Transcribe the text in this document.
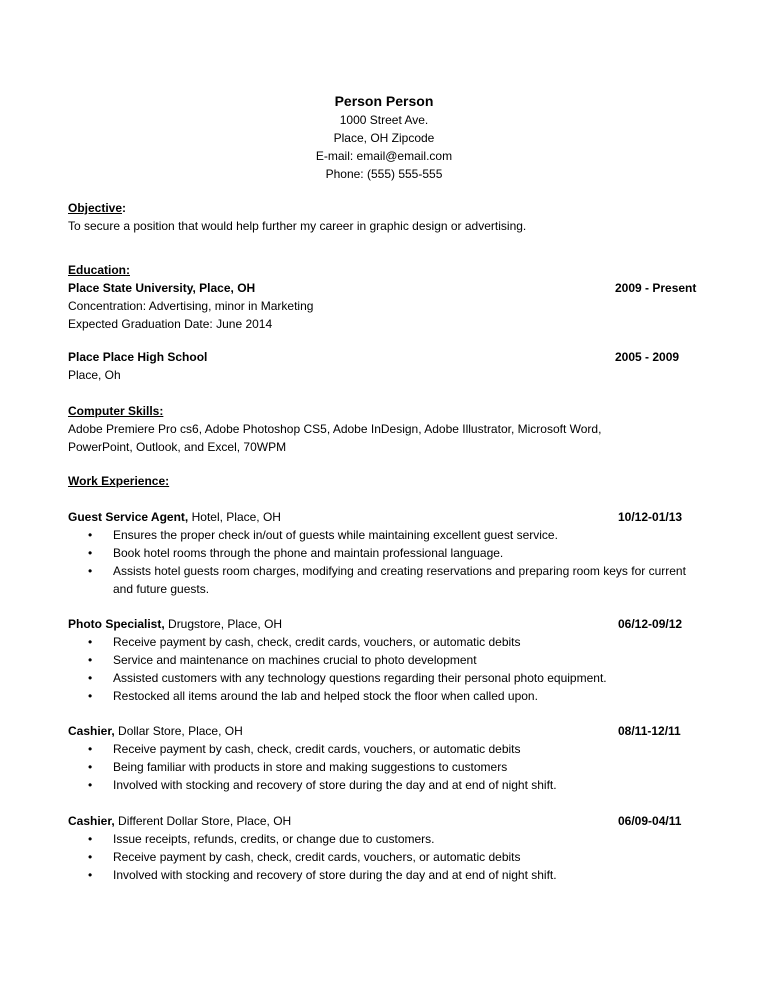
Person Person
1000 Street Ave.
Place, OH Zipcode
E-mail: email@email.com
Phone: (555) 555-555
Objective:
To secure a position that would help further my career in graphic design or advertising.
Education:
Place State University, Place, OH	2009 - Present
Concentration: Advertising, minor in Marketing
Expected Graduation Date: June 2014
Place Place High School	2005 - 2009
Place, Oh
Computer Skills:
Adobe Premiere Pro cs6, Adobe Photoshop CS5, Adobe InDesign, Adobe Illustrator, Microsoft Word,
PowerPoint, Outlook, and Excel, 70WPM
Work Experience:
Guest Service Agent, Hotel, Place, OH	10/12-01/13
• Ensures the proper check in/out of guests while maintaining excellent guest service.
• Book hotel rooms through the phone and maintain professional language.
• Assists hotel guests room charges, modifying and creating reservations and preparing room keys for current and future guests.
Photo Specialist, Drugstore, Place, OH	06/12-09/12
• Receive payment by cash, check, credit cards, vouchers, or automatic debits
• Service and maintenance on machines crucial to photo development
• Assisted customers with any technology questions regarding their personal photo equipment.
• Restocked all items around the lab and helped stock the floor when called upon.
Cashier, Dollar Store, Place, OH	08/11-12/11
• Receive payment by cash, check, credit cards, vouchers, or automatic debits
• Being familiar with products in store and making suggestions to customers
• Involved with stocking and recovery of store during the day and at end of night shift.
Cashier, Different Dollar Store, Place, OH	06/09-04/11
• Issue receipts, refunds, credits, or change due to customers.
• Receive payment by cash, check, credit cards, vouchers, or automatic debits
• Involved with stocking and recovery of store during the day and at end of night shift.
